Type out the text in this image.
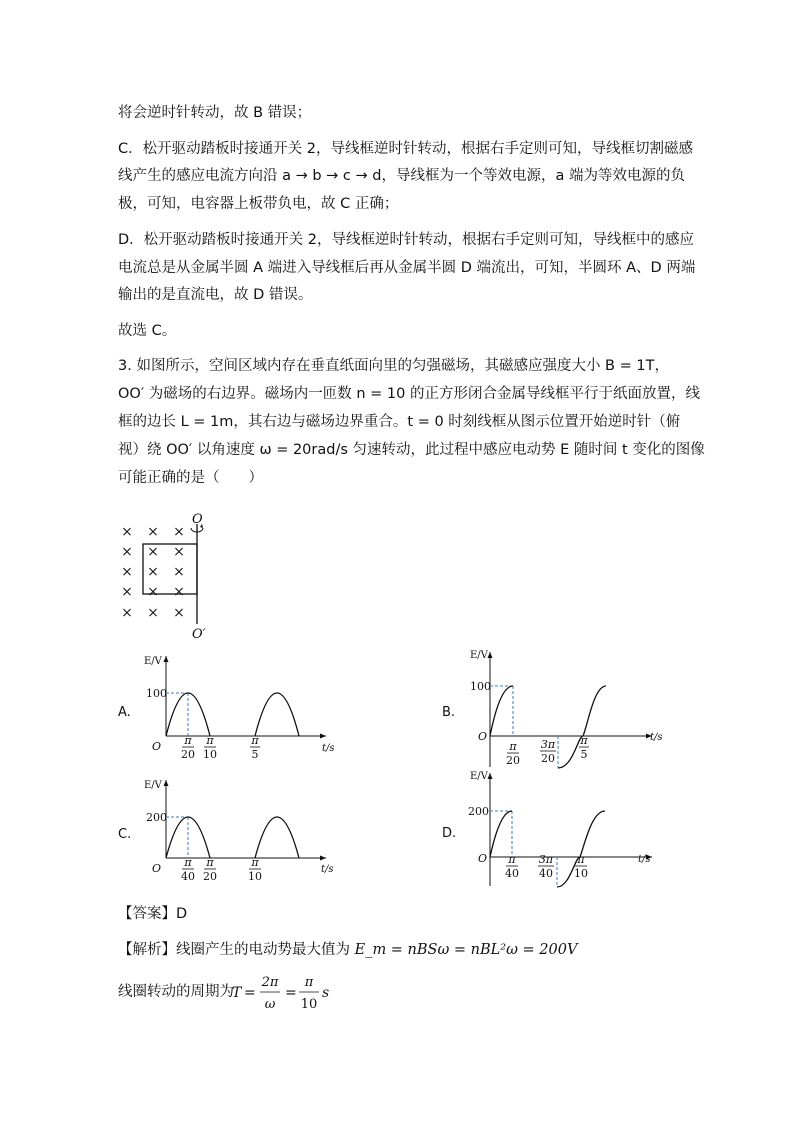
将会逆时针转动，故 B 错误；
C．松开驱动踏板时接通开关 2，导线框逆时针转动，根据右手定则可知，导线框切割磁感
线产生的感应电流方向沿 a → b → c → d，导线框为一个等效电源，a 端为等效电源的负
极，可知，电容器上板带负电，故 C 正确；
D．松开驱动踏板时接通开关 2，导线框逆时针转动，根据右手定则可知，导线框中的感应
电流总是从金属半圆 A 端进入导线框后再从金属半圆 D 端流出，可知，半圆环 A、D 两端
输出的是直流电，故 D 错误。
故选 C。
3. 如图所示，空间区域内存在垂直纸面向里的匀强磁场，其磁感应强度大小 B = 1T，
OO′ 为磁场的右边界。磁场内一匝数 n = 10 的正方形闭合金属导线框平行于纸面放置，线
框的边长 L = 1m，其右边与磁场边界重合。t = 0 时刻线框从图示位置开始逆时针（俯
视）绕 OO′ 以角速度 ω = 20rad/s 匀速转动，此过程中感应电动势 E 随时间 t 变化的图像
可能正确的是（　　）
× × ×
× × ×
× × ×
× × ×
× × ×
O
O′
A.
E/V
t/s
O
100
π
20
π
10
π
5
B.
E/V
t/s
O
100
π
20
3π
20
π
5
C.
E/V
t/s
O
200
π
40
π
20
π
10
D.
E/V
t/s
O
200
π
40
3π
40
π
10
【答案】D
【解析】线圈产生的电动势最大值为 E_m = nBSω = nBL²ω = 200V
线圈转动的周期为
T =
2π
ω
=
π
10
s
